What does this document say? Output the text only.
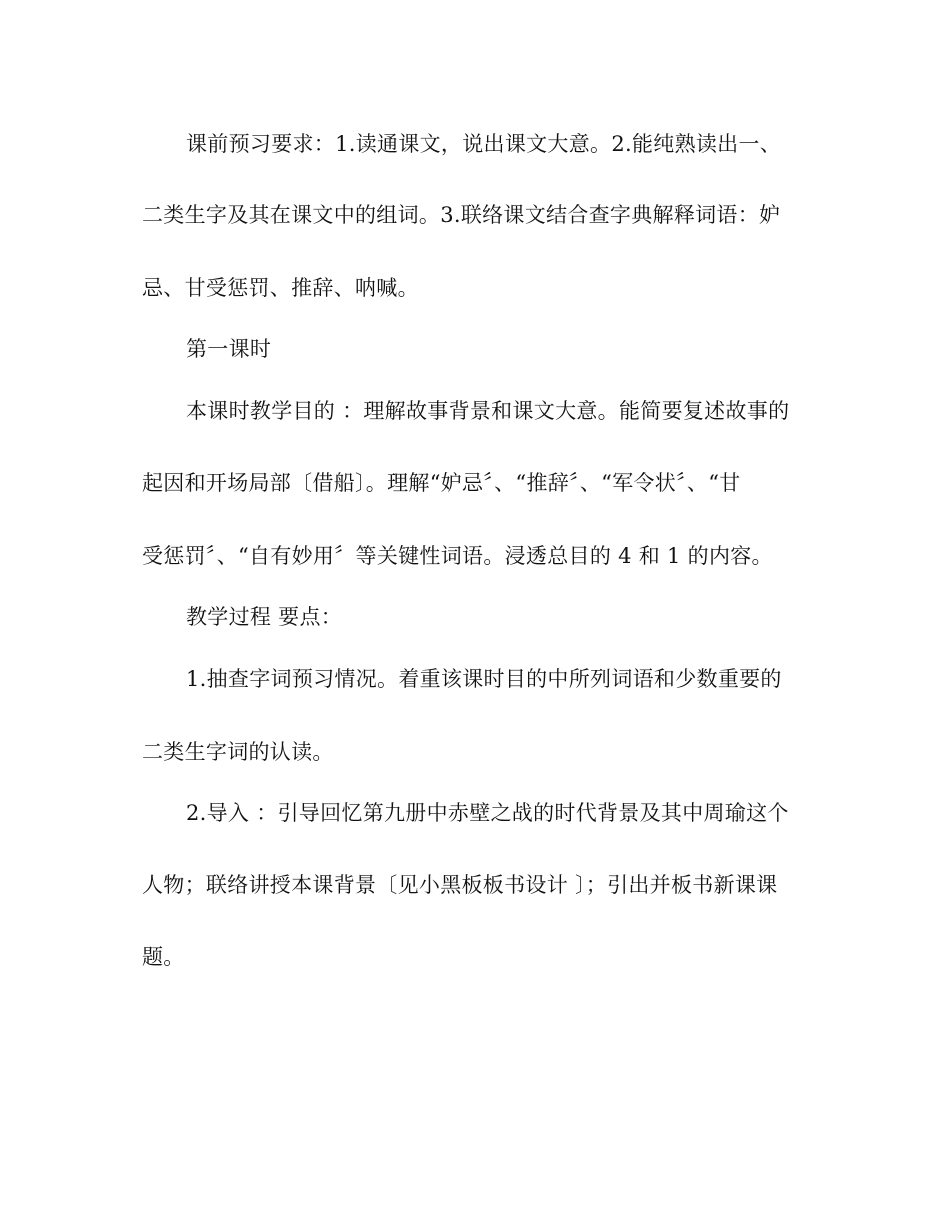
课前预习要求：1.读通课文，说出课文大意。2.能纯熟读出一、
二类生字及其在课文中的组词。3.联络课文结合查字典解释词语：妒
忌、甘受惩罚、推辞、呐喊。
第一课时
本课时教学目的 ：理解故事背景和课文大意。能简要复述故事的
起因和开场局部〔借船〕。理解“妒忌〞、“推辞〞、“军令状〞、“甘
受惩罚〞、“自有妙用〞等关键性词语。浸透总目的 4 和 1 的内容。
教学过程 要点：
1.抽查字词预习情况。着重该课时目的中所列词语和少数重要的
二类生字词的认读。
2.导入 ：引导回忆第九册中赤壁之战的时代背景及其中周瑜这个
人物；联络讲授本课背景〔见小黑板板书设计 〕；引出并板书新课课
题。
